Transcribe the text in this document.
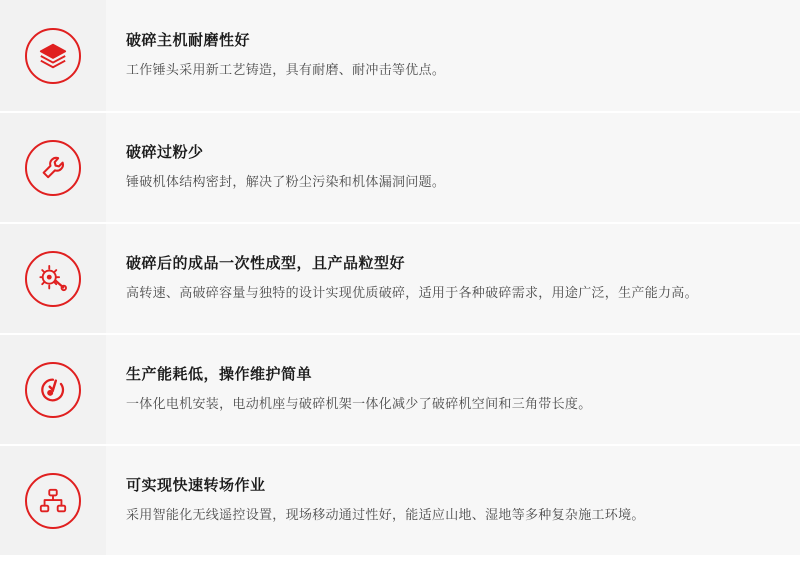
破碎主机耐磨性好
工作锤头采用新工艺铸造，具有耐磨、耐冲击等优点。
破碎过粉少
锤破机体结构密封，解决了粉尘污染和机体漏洞问题。
破碎后的成品一次性成型，且产品粒型好
高转速、高破碎容量与独特的设计实现优质破碎，适用于各种破碎需求，用途广泛，生产能力高。
生产能耗低，操作维护简单
一体化电机安装，电动机座与破碎机架一体化减少了破碎机空间和三角带长度。
可实现快速转场作业
采用智能化无线遥控设置，现场移动通过性好，能适应山地、湿地等多种复杂施工环境。
